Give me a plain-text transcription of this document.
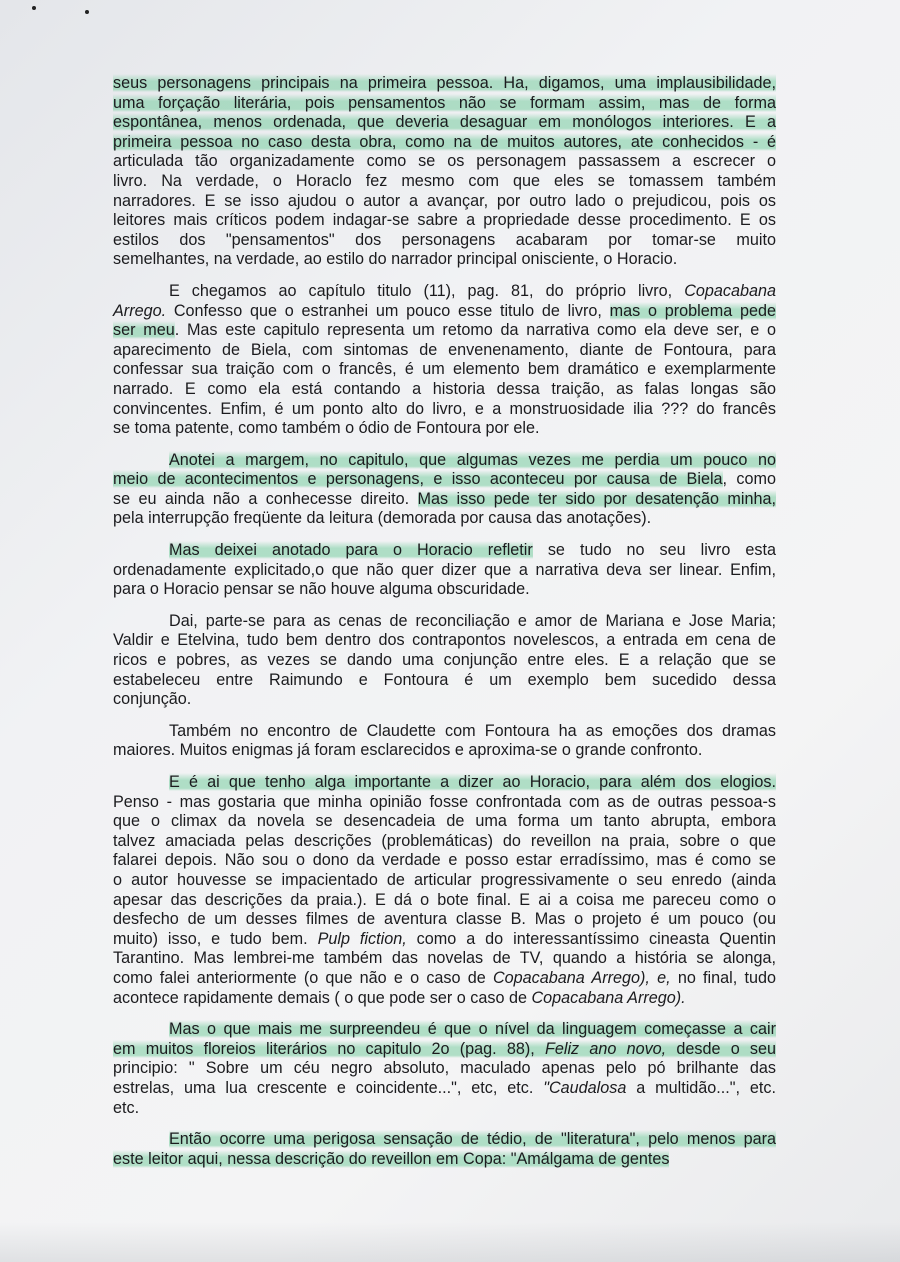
seus personagens principais na primeira pessoa. Ha, digamos, uma implausibilidade,
uma forçação literária, pois pensamentos não se formam assim, mas de forma
espontânea, menos ordenada, que deveria desaguar em monólogos interiores. E a
primeira pessoa no caso desta obra, como na de muitos autores, ate conhecidos - é
articulada tão organizadamente como se os personagem passassem a escrecer o
livro. Na verdade, o Horaclo fez mesmo com que eles se tomassem também
narradores. E se isso ajudou o autor a avançar, por outro lado o prejudicou, pois os
leitores mais críticos podem indagar-se sabre a propriedade desse procedimento. E os
estilos dos "pensamentos" dos personagens acabaram por tomar-se muito
semelhantes, na verdade, ao estilo do narrador principal onisciente, o Horacio.
E chegamos ao capítulo titulo (11), pag. 81, do próprio livro, Copacabana
Arrego. Confesso que o estranhei um pouco esse titulo de livro, mas o problema pede
ser meu. Mas este capitulo representa um retomo da narrativa como ela deve ser, e o
aparecimento de Biela, com sintomas de envenenamento, diante de Fontoura, para
confessar sua traição com o francês, é um elemento bem dramático e exemplarmente
narrado. E como ela está contando a historia dessa traição, as falas longas são
convincentes. Enfim, é um ponto alto do livro, e a monstruosidade ilia ??? do francês
se toma patente, como também o ódio de Fontoura por ele.
Anotei a margem, no capitulo, que algumas vezes me perdia um pouco no
meio de acontecimentos e personagens, e isso aconteceu por causa de Biela, como
se eu ainda não a conhecesse direito. Mas isso pede ter sido por desatenção minha,
pela interrupção freqüente da leitura (demorada por causa das anotações).
Mas deixei anotado para o Horacio refletir se tudo no seu livro esta
ordenadamente explicitado,o que não quer dizer que a narrativa deva ser linear. Enfim,
para o Horacio pensar se não houve alguma obscuridade.
Dai, parte-se para as cenas de reconciliação e amor de Mariana e Jose Maria;
Valdir e Etelvina, tudo bem dentro dos contrapontos novelescos, a entrada em cena de
ricos e pobres, as vezes se dando uma conjunção entre eles. E a relação que se
estabeleceu entre Raimundo e Fontoura é um exemplo bem sucedido dessa
conjunção.
Também no encontro de Claudette com Fontoura ha as emoções dos dramas
maiores. Muitos enigmas já foram esclarecidos e aproxima-se o grande confronto.
E é ai que tenho alga importante a dizer ao Horacio, para além dos elogios.
Penso - mas gostaria que minha opinião fosse confrontada com as de outras pessoa-s
que o climax da novela se desencadeia de uma forma um tanto abrupta, embora
talvez amaciada pelas descrições (problemáticas) do reveillon na praia, sobre o que
falarei depois. Não sou o dono da verdade e posso estar erradíssimo, mas é como se
o autor houvesse se impacientado de articular progressivamente o seu enredo (ainda
apesar das descrições da praia.). E dá o bote final. E ai a coisa me pareceu como o
desfecho de um desses filmes de aventura classe B. Mas o projeto é um pouco (ou
muito) isso, e tudo bem. Pulp fiction, como a do interessantíssimo cineasta Quentin
Tarantino. Mas lembrei-me também das novelas de TV, quando a história se alonga,
como falei anteriormente (o que não e o caso de Copacabana Arrego), e, no final, tudo
acontece rapidamente demais ( o que pode ser o caso de Copacabana Arrego).
Mas o que mais me surpreendeu é que o nível da linguagem começasse a cair
em muitos floreios literários no capitulo 2o (pag. 88), Feliz ano novo, desde o seu
principio: " Sobre um céu negro absoluto, maculado apenas pelo pó brilhante das
estrelas, uma lua crescente e coincidente...", etc, etc. "Caudalosa a multidão...", etc.
etc.
Então ocorre uma perigosa sensação de tédio, de "literatura", pelo menos para
este leitor aqui, nessa descrição do reveillon em Copa: "Amálgama de gentes
